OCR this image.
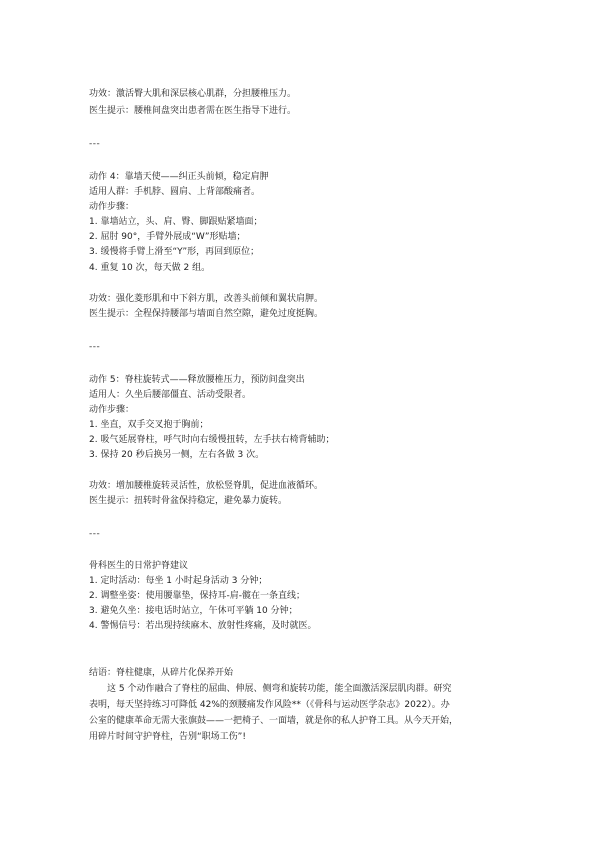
功效：激活臀大肌和深层核心肌群，分担腰椎压力。
医生提示：腰椎间盘突出患者需在医生指导下进行。
---
动作 4：靠墙天使——纠正头前倾，稳定肩胛
适用人群：手机脖、圆肩、上背部酸痛者。
动作步骤：
1. 靠墙站立，头、肩、臀、脚跟贴紧墙面；
2. 屈肘 90°，手臂外展成“W”形贴墙；
3. 缓慢将手臂上滑至“Y”形，再回到原位；
4. 重复 10 次，每天做 2 组。
功效：强化菱形肌和中下斜方肌，改善头前倾和翼状肩胛。
医生提示：全程保持腰部与墙面自然空隙，避免过度挺胸。
---
动作 5：脊柱旋转式——释放腰椎压力，预防间盘突出
适用人：久坐后腰部僵直、活动受限者。
动作步骤：
1. 坐直，双手交叉抱于胸前；
2. 吸气延展脊柱，呼气时向右缓慢扭转，左手扶右椅背辅助；
3. 保持 20 秒后换另一侧，左右各做 3 次。
功效：增加腰椎旋转灵活性，放松竖脊肌，促进血液循环。
医生提示：扭转时骨盆保持稳定，避免暴力旋转。
---
骨科医生的日常护脊建议
1. 定时活动：每坐 1 小时起身活动 3 分钟；
2. 调整坐姿：使用腰靠垫，保持耳-肩-髋在一条直线；
3. 避免久坐：接电话时站立，午休可平躺 10 分钟；
4. 警惕信号：若出现持续麻木、放射性疼痛，及时就医。
结语：脊柱健康，从碎片化保养开始
这 5 个动作融合了脊柱的屈曲、伸展、侧弯和旋转功能，能全面激活深层肌肉群。研究
表明，每天坚持练习可降低 42%的颈腰痛发作风险**（《骨科与运动医学杂志》2022）。办
公室的健康革命无需大张旗鼓——一把椅子、一面墙，就是你的私人护脊工具。从今天开始，
用碎片时间守护脊柱，告别“职场工伤”!
